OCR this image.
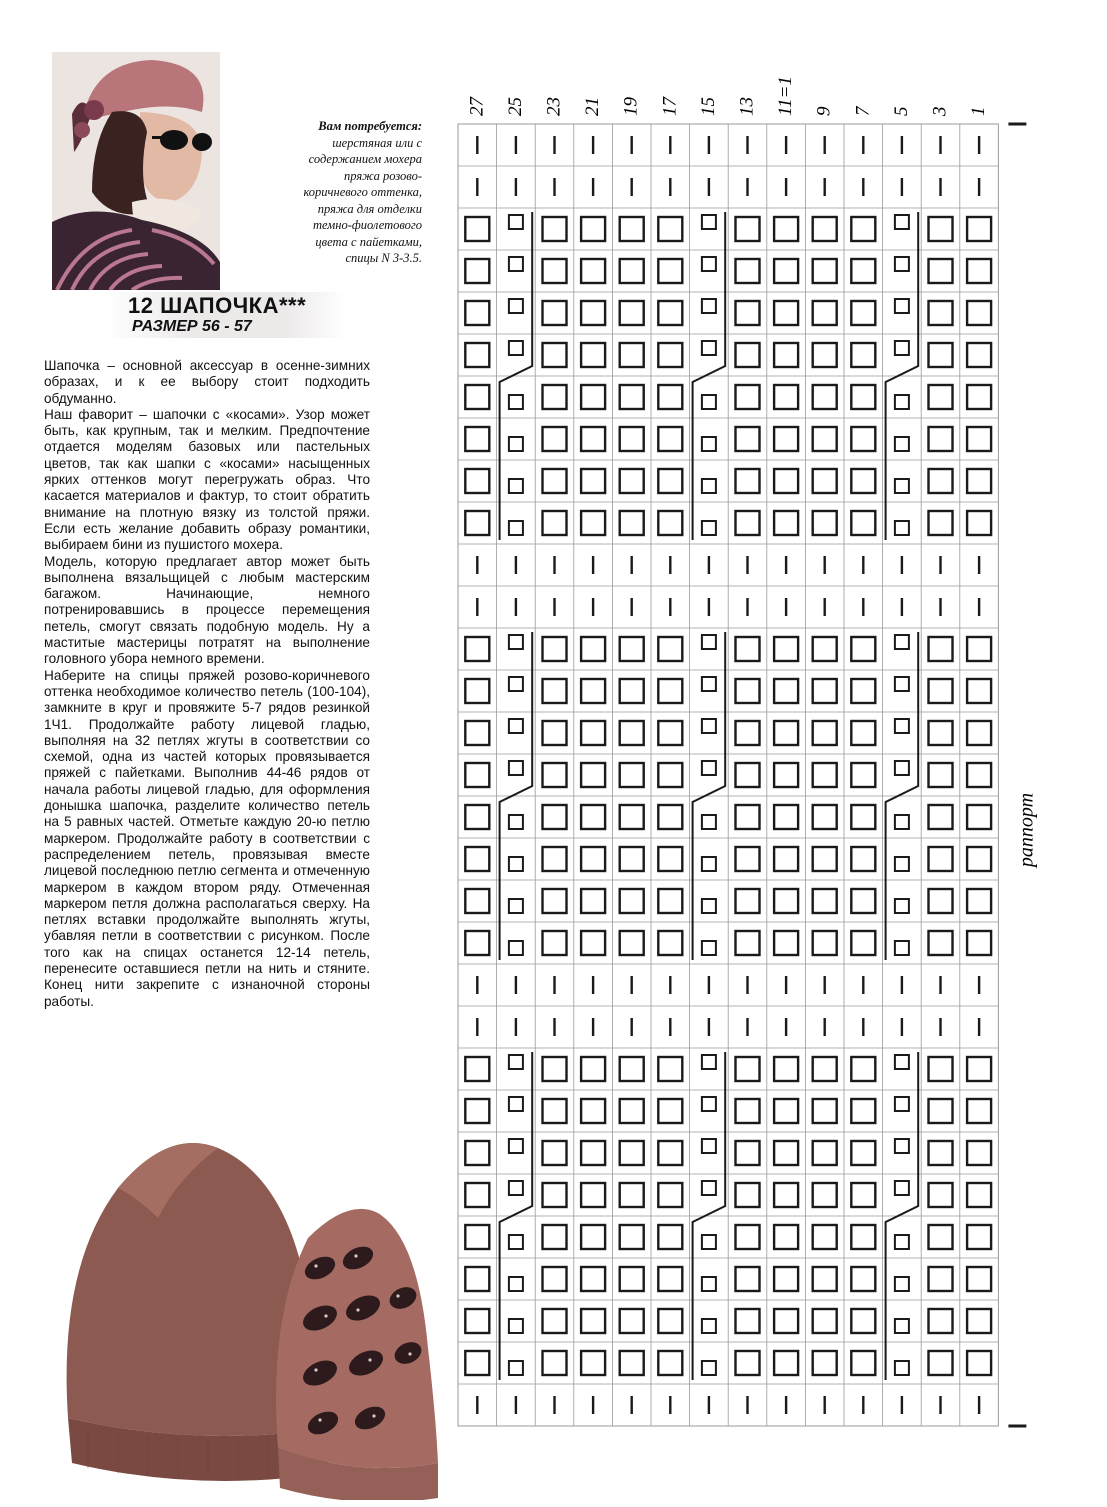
Вам потребуется:
шерстяная или с
содержанием мохера
пряжа розово-
коричневого оттенка,
пряжа для отделки
темно-фиолетового
цвета с пайетками,
спицы N 3-3.5.
12 ШАПОЧКА***
РАЗМЕР 56 - 57

Шапочка – основной аксессуар в осенне-зимних образах, и к ее выбору стоит подходить обдуманно.

Наш фаворит – шапочки с «косами». Узор может быть, как крупным, так и мелким. Предпочтение отдается моделям базовых или пастельных цветов, так как шапки с «косами» насыщенных ярких оттенков могут перегружать образ. Что касается материалов и фактур, то стоит обратить внимание на плотную вязку из толстой пряжи. Если есть желание добавить образу романтики, выбираем бини из пушистого мохера.

Модель, которую предлагает автор может быть выполнена вязальщицей с любым мастерским багажом. Начинающие, немного потренировавшись в процессе перемещения петель, смогут связать подобную модель. Ну а маститые мастерицы потратят на выполнение головного убора немного времени.

Наберите на спицы пряжей розово-коричневого оттенка необходимое количество петель (100-104), замкните в круг и провяжите 5-7 рядов резинкой 1Ч1. Продолжайте работу лицевой гладью, выполняя на 32 петлях жгуты в соответствии со схемой, одна из частей которых провязывается пряжей с пайетками. Выполнив 44-46 рядов от начала работы лицевой гладью, для оформления донышка шапочка, разделите количество петель на 5 равных частей. Отметьте каждую 20-ю петлю маркером. Продолжайте работу в соответствии с распределением петель, провязывая вместе лицевой последнюю петлю сегмента и отмеченную маркером в каждом втором ряду. Отмеченная маркером петля должна располагаться сверху. На петлях вставки продолжайте выполнять жгуты, убавляя петли в соответствии с рисунком. После того как на спицах останется 12-14 петель, перенесите оставшиеся петли на нить и стяните. Конец нити закрепите с изнаночной стороны работы.

27 25 23 21 19 17 15 13 11=1 9 7 5 3 1
раппорт
